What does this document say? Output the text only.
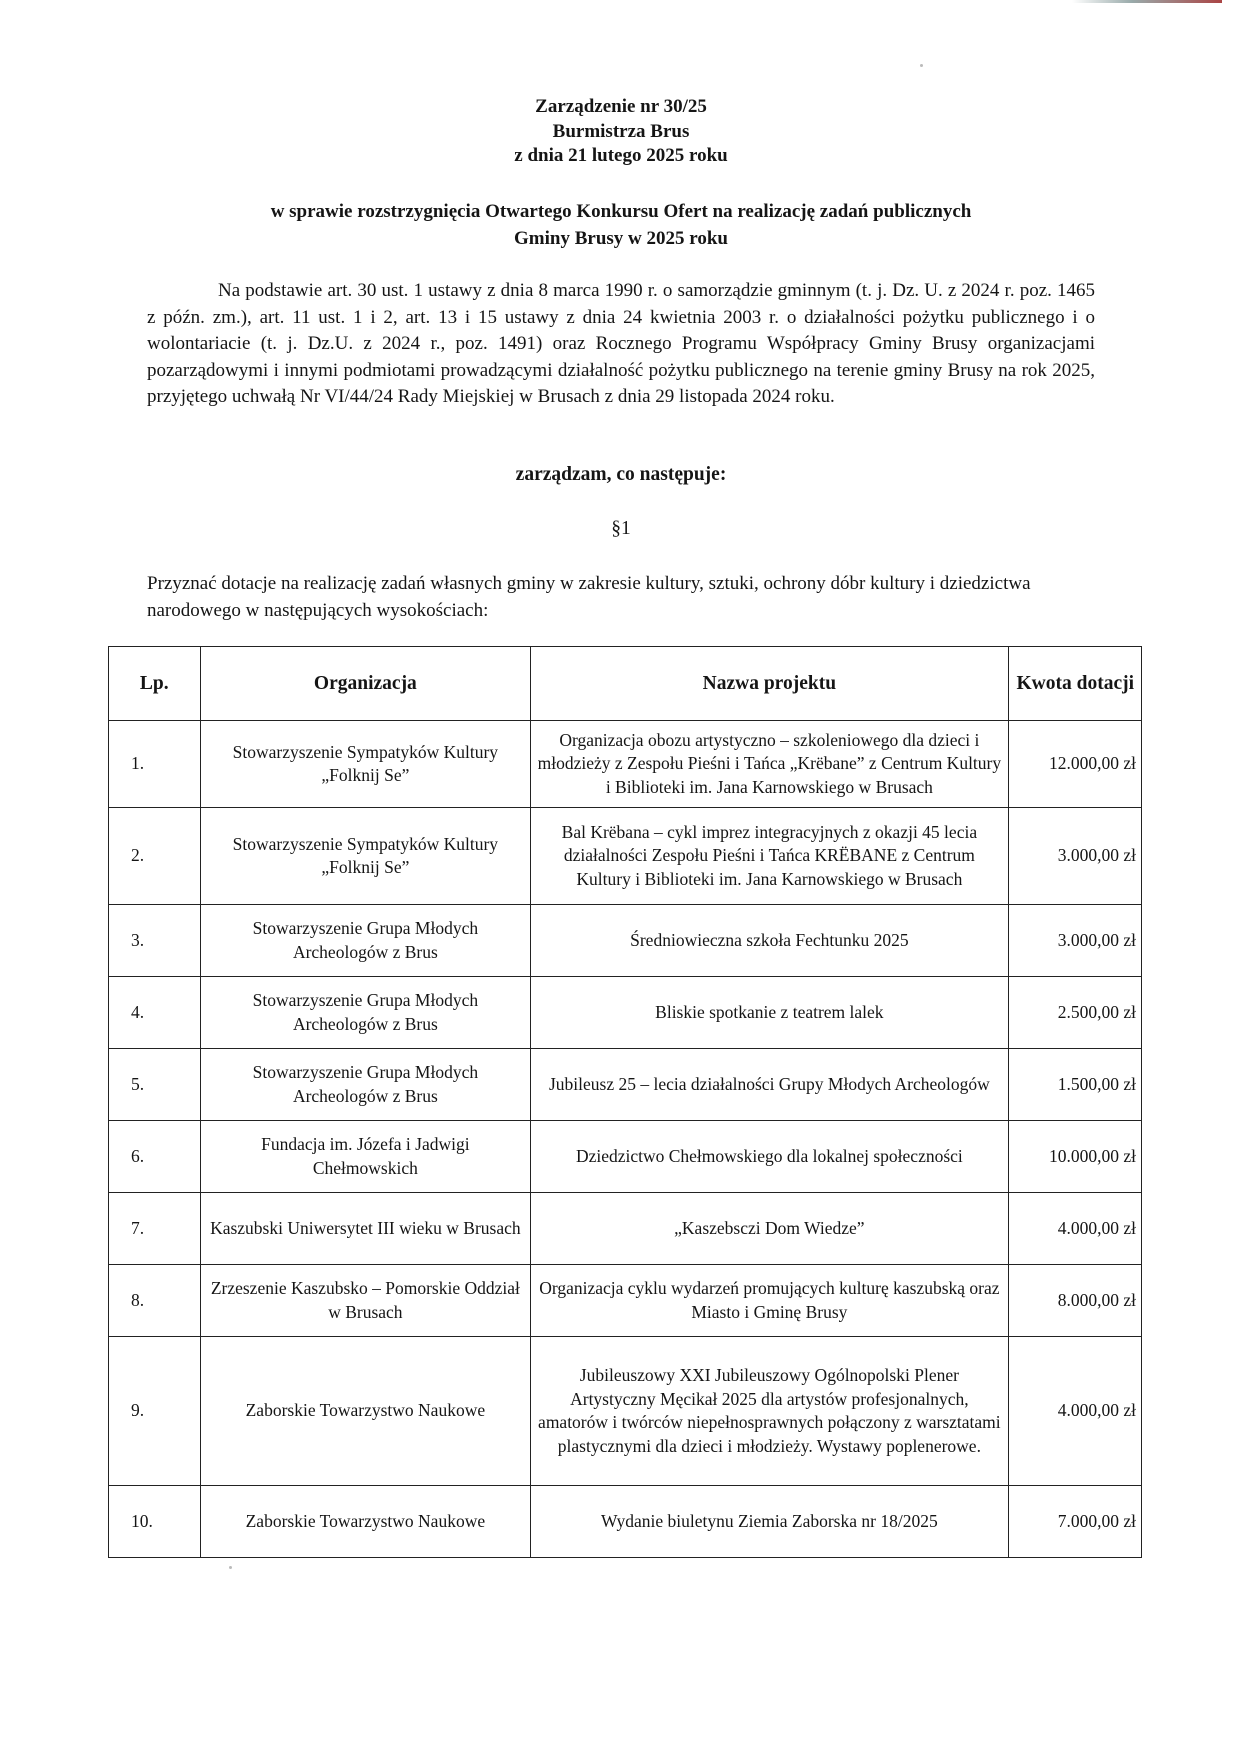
Zarządzenie nr 30/25
Burmistrza Brus
z dnia 21 lutego 2025 roku
w sprawie rozstrzygnięcia Otwartego Konkursu Ofert na realizację zadań publicznych
Gminy Brusy w 2025 roku

Na podstawie art. 30 ust. 1 ustawy z dnia 8 marca 1990 r. o samorządzie gminnym (t. j. Dz. U. z 2024 r. poz. 1465 z późn. zm.), art. 11 ust. 1 i 2, art. 13 i 15 ustawy z dnia 24 kwietnia 2003 r. o działalności pożytku publicznego i o wolontariacie (t. j. Dz.U. z 2024 r., poz. 1491) oraz Rocznego Programu Współpracy Gminy Brusy organizacjami pozarządowymi i innymi podmiotami prowadzącymi działalność pożytku publicznego na terenie gminy Brusy na rok 2025, przyjętego uchwałą Nr VI/44/24 Rady Miejskiej w Brusach z dnia 29 listopada 2024 roku.

zarządzam, co następuje:
§1

Przyznać dotacje na realizację zadań własnych gminy w zakresie kultury, sztuki, ochrony dóbr kultury i dziedzictwa narodowego w następujących wysokościach:

Lp.	Organizacja	Nazwa projektu	Kwota dotacji
1.	Stowarzyszenie Sympatyków Kultury „Folknij Se”	Organizacja obozu artystyczno – szkoleniowego dla dzieci i młodzieży z Zespołu Pieśni i Tańca „Krëbane” z Centrum Kultury i Biblioteki im. Jana Karnowskiego w Brusach	12.000,00 zł
2.	Stowarzyszenie Sympatyków Kultury „Folknij Se”	Bal Krëbana – cykl imprez integracyjnych z okazji 45 lecia działalności Zespołu Pieśni i Tańca KRËBANE z Centrum Kultury i Biblioteki im. Jana Karnowskiego w Brusach	3.000,00 zł
3.	Stowarzyszenie Grupa Młodych Archeologów z Brus	Średniowieczna szkoła Fechtunku 2025	3.000,00 zł
4.	Stowarzyszenie Grupa Młodych Archeologów z Brus	Bliskie spotkanie z teatrem lalek	2.500,00 zł
5.	Stowarzyszenie Grupa Młodych Archeologów z Brus	Jubileusz 25 – lecia działalności Grupy Młodych Archeologów	1.500,00 zł
6.	Fundacja im. Józefa i Jadwigi Chełmowskich	Dziedzictwo Chełmowskiego dla lokalnej społeczności	10.000,00 zł
7.	Kaszubski Uniwersytet III wieku w Brusach	„Kaszebsczi Dom Wiedze”	4.000,00 zł
8.	Zrzeszenie Kaszubsko – Pomorskie Oddział w Brusach	Organizacja cyklu wydarzeń promujących kulturę kaszubską oraz Miasto i Gminę Brusy	8.000,00 zł
9.	Zaborskie Towarzystwo Naukowe	Jubileuszowy XXI Jubileuszowy Ogólnopolski Plener Artystyczny Męcikał 2025 dla artystów profesjonalnych, amatorów i twórców niepełnosprawnych połączony z warsztatami plastycznymi dla dzieci i młodzieży. Wystawy poplenerowe.	4.000,00 zł
10.	Zaborskie Towarzystwo Naukowe	Wydanie biuletynu Ziemia Zaborska nr 18/2025	7.000,00 zł
